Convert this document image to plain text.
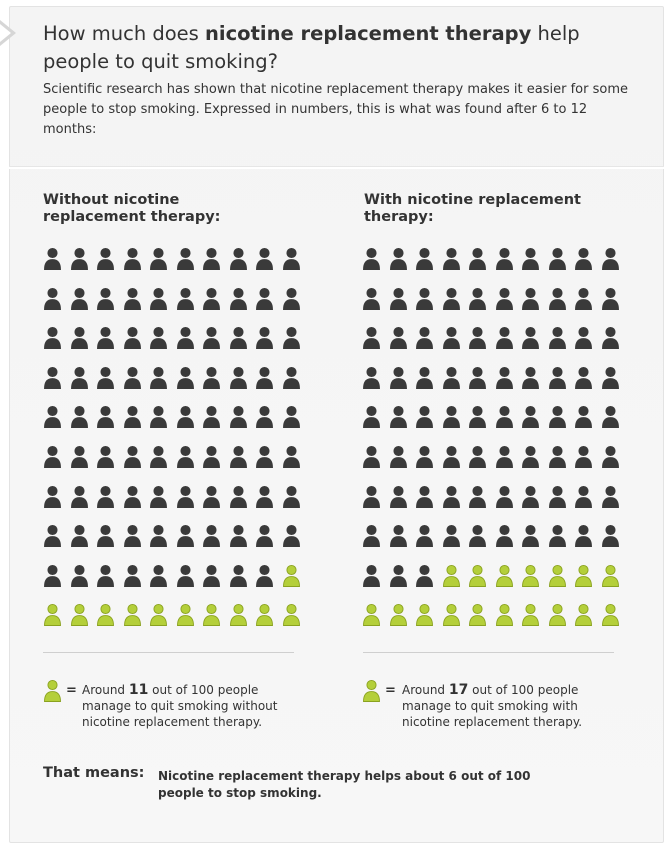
How much does nicotine replacement therapy help people to quit smoking?

Scientific research has shown that nicotine replacement therapy makes it easier for some people to stop smoking. Expressed in numbers, this is what was found after 6 to 12 months:

Without nicotine replacement therapy:
With nicotine replacement therapy:
= Around 11 out of 100 people manage to quit smoking without nicotine replacement therapy.

= Around 17 out of 100 people manage to quit smoking with nicotine replacement therapy.

That means: Nicotine replacement therapy helps about 6 out of 100 people to stop smoking.
